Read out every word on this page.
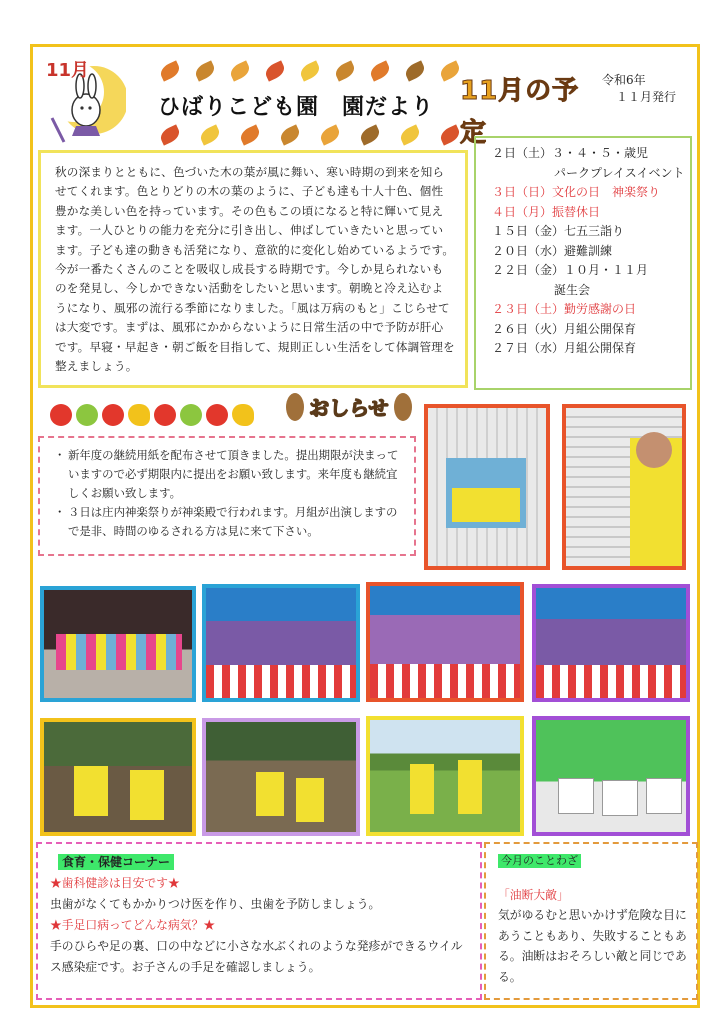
11月
ひばりこども園　園だより
11月の予定
令和6年
１１月発行
秋の深まりとともに、色づいた木の葉が風に舞い、寒い時期の到来を知らせてくれます。色とりどりの木の葉のように、子ども達も十人十色、個性豊かな美しい色を持っています。その色もこの頃になると特に輝いて見えます。一人ひとりの能力を充分に引き出し、伸ばしていきたいと思っています。子ども達の動きも活発になり、意欲的に変化し始めているようです。今が一番たくさんのことを吸収し成長する時期です。今しか見られないものを発見し、今しかできない活動をしたいと思います。朝晩と冷え込むようになり、風邪の流行る季節になりました。「風は万病のもと」こじらせては大変です。まずは、風邪にかからないように日常生活の中で予防が肝心です。早寝・早起き・朝ご飯を目指して、規則正しい生活をして体調管理を整えましょう。
２日（土）３・４・５・歳児
パークプレイスイベント
３日（日）文化の日　神楽祭り
４日（月）振替休日
１５日（金）七五三詣り
２０日（水）避難訓練
２２日（金）１０月・１１月
誕生会
２３日（土）勤労感謝の日
２６日（火）月組公開保育
２７日（水）月組公開保育
おしらせ
・ 新年度の継続用紙を配布させて頂きました。提出期限が決まっていますので必ず期限内に提出をお願い致します。来年度も継続宜しくお願い致します。
・ ３日は庄内神楽祭りが神楽殿で行われます。月組が出演しますので是非、時間のゆるされる方は見に来て下さい。
食育・保健コーナー
★歯科健診は目安です★
虫歯がなくてもかかりつけ医を作り、虫歯を予防しましょう。
★手足口病ってどんな病気？★
手のひらや足の裏、口の中などに小さな水ぶくれのような発疹ができるウイルス感染症です。お子さんの手足を確認しましょう。
今月のことわざ
「油断大敵」
気がゆるむと思いかけず危険な目にあうこともあり、失敗することもある。油断はおそろしい敵と同じである。
